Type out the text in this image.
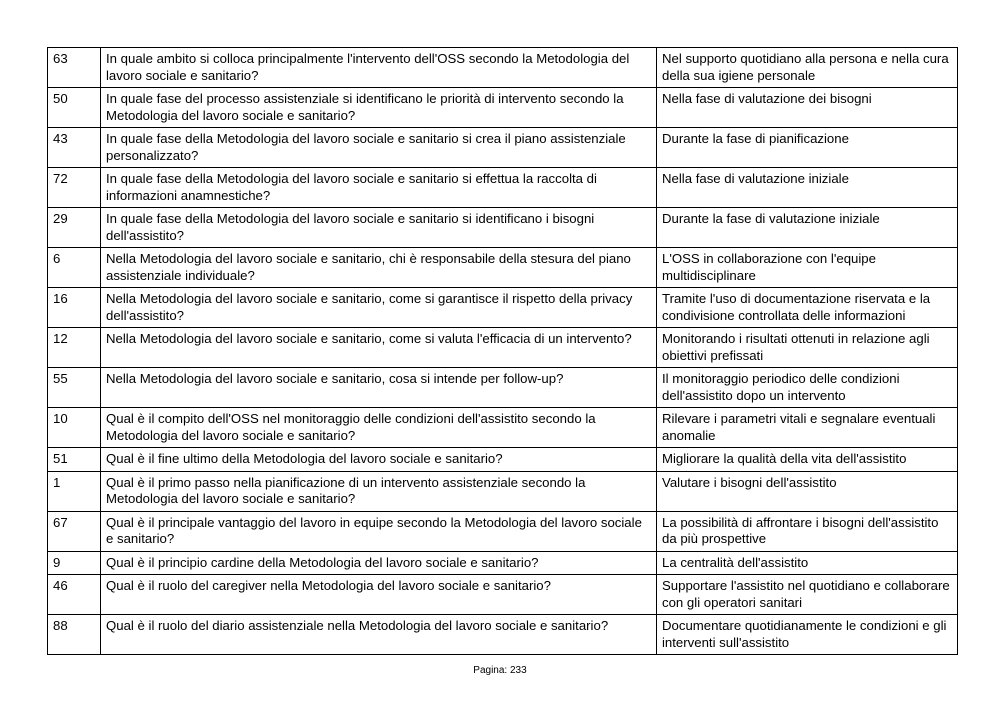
63	In quale ambito si colloca principalmente l'intervento dell'OSS secondo la Metodologia del lavoro sociale e sanitario?	Nel supporto quotidiano alla persona e nella cura della sua igiene personale
50	In quale fase del processo assistenziale si identificano le priorità di intervento secondo la Metodologia del lavoro sociale e sanitario?	Nella fase di valutazione dei bisogni
43	In quale fase della Metodologia del lavoro sociale e sanitario si crea il piano assistenziale personalizzato?	Durante la fase di pianificazione
72	In quale fase della Metodologia del lavoro sociale e sanitario si effettua la raccolta di informazioni anamnestiche?	Nella fase di valutazione iniziale
29	In quale fase della Metodologia del lavoro sociale e sanitario si identificano i bisogni dell'assistito?	Durante la fase di valutazione iniziale
6	Nella Metodologia del lavoro sociale e sanitario, chi è responsabile della stesura del piano assistenziale individuale?	L'OSS in collaborazione con l'equipe multidisciplinare
16	Nella Metodologia del lavoro sociale e sanitario, come si garantisce il rispetto della privacy dell'assistito?	Tramite l'uso di documentazione riservata e la condivisione controllata delle informazioni
12	Nella Metodologia del lavoro sociale e sanitario, come si valuta l'efficacia di un intervento?	Monitorando i risultati ottenuti in relazione agli obiettivi prefissati
55	Nella Metodologia del lavoro sociale e sanitario, cosa si intende per follow-up?	Il monitoraggio periodico delle condizioni dell'assistito dopo un intervento
10	Qual è il compito dell'OSS nel monitoraggio delle condizioni dell'assistito secondo la Metodologia del lavoro sociale e sanitario?	Rilevare i parametri vitali e segnalare eventuali anomalie
51	Qual è il fine ultimo della Metodologia del lavoro sociale e sanitario?	Migliorare la qualità della vita dell'assistito
1	Qual è il primo passo nella pianificazione di un intervento assistenziale secondo la Metodologia del lavoro sociale e sanitario?	Valutare i bisogni dell'assistito
67	Qual è il principale vantaggio del lavoro in equipe secondo la Metodologia del lavoro sociale e sanitario?	La possibilità di affrontare i bisogni dell'assistito da più prospettive
9	Qual è il principio cardine della Metodologia del lavoro sociale e sanitario?	La centralità dell'assistito
46	Qual è il ruolo del caregiver nella Metodologia del lavoro sociale e sanitario?	Supportare l'assistito nel quotidiano e collaborare con gli operatori sanitari
88	Qual è il ruolo del diario assistenziale nella Metodologia del lavoro sociale e sanitario?	Documentare quotidianamente le condizioni e gli interventi sull'assistito
Pagina: 233
